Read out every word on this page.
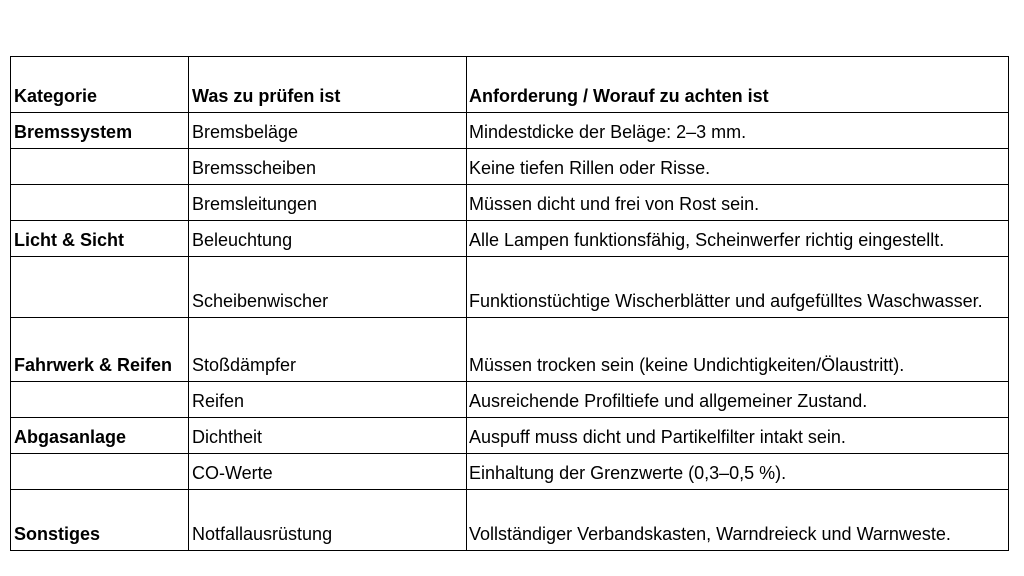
Kategorie	Was zu prüfen ist	Anforderung / Worauf zu achten ist
Bremssystem	Bremsbeläge	Mindestdicke der Beläge: 2–3 mm.
	Bremsscheiben	Keine tiefen Rillen oder Risse.
	Bremsleitungen	Müssen dicht und frei von Rost sein.
Licht & Sicht	Beleuchtung	Alle Lampen funktionsfähig, Scheinwerfer richtig eingestellt.
	Scheibenwischer	Funktionstüchtige Wischerblätter und aufgefülltes Waschwasser.
Fahrwerk & Reifen	Stoßdämpfer	Müssen trocken sein (keine Undichtigkeiten/Ölaustritt).
	Reifen	Ausreichende Profiltiefe und allgemeiner Zustand.
Abgasanlage	Dichtheit	Auspuff muss dicht und Partikelfilter intakt sein.
	CO-Werte	Einhaltung der Grenzwerte (0,3–0,5 %).
Sonstiges	Notfallausrüstung	Vollständiger Verbandskasten, Warndreieck und Warnweste.
